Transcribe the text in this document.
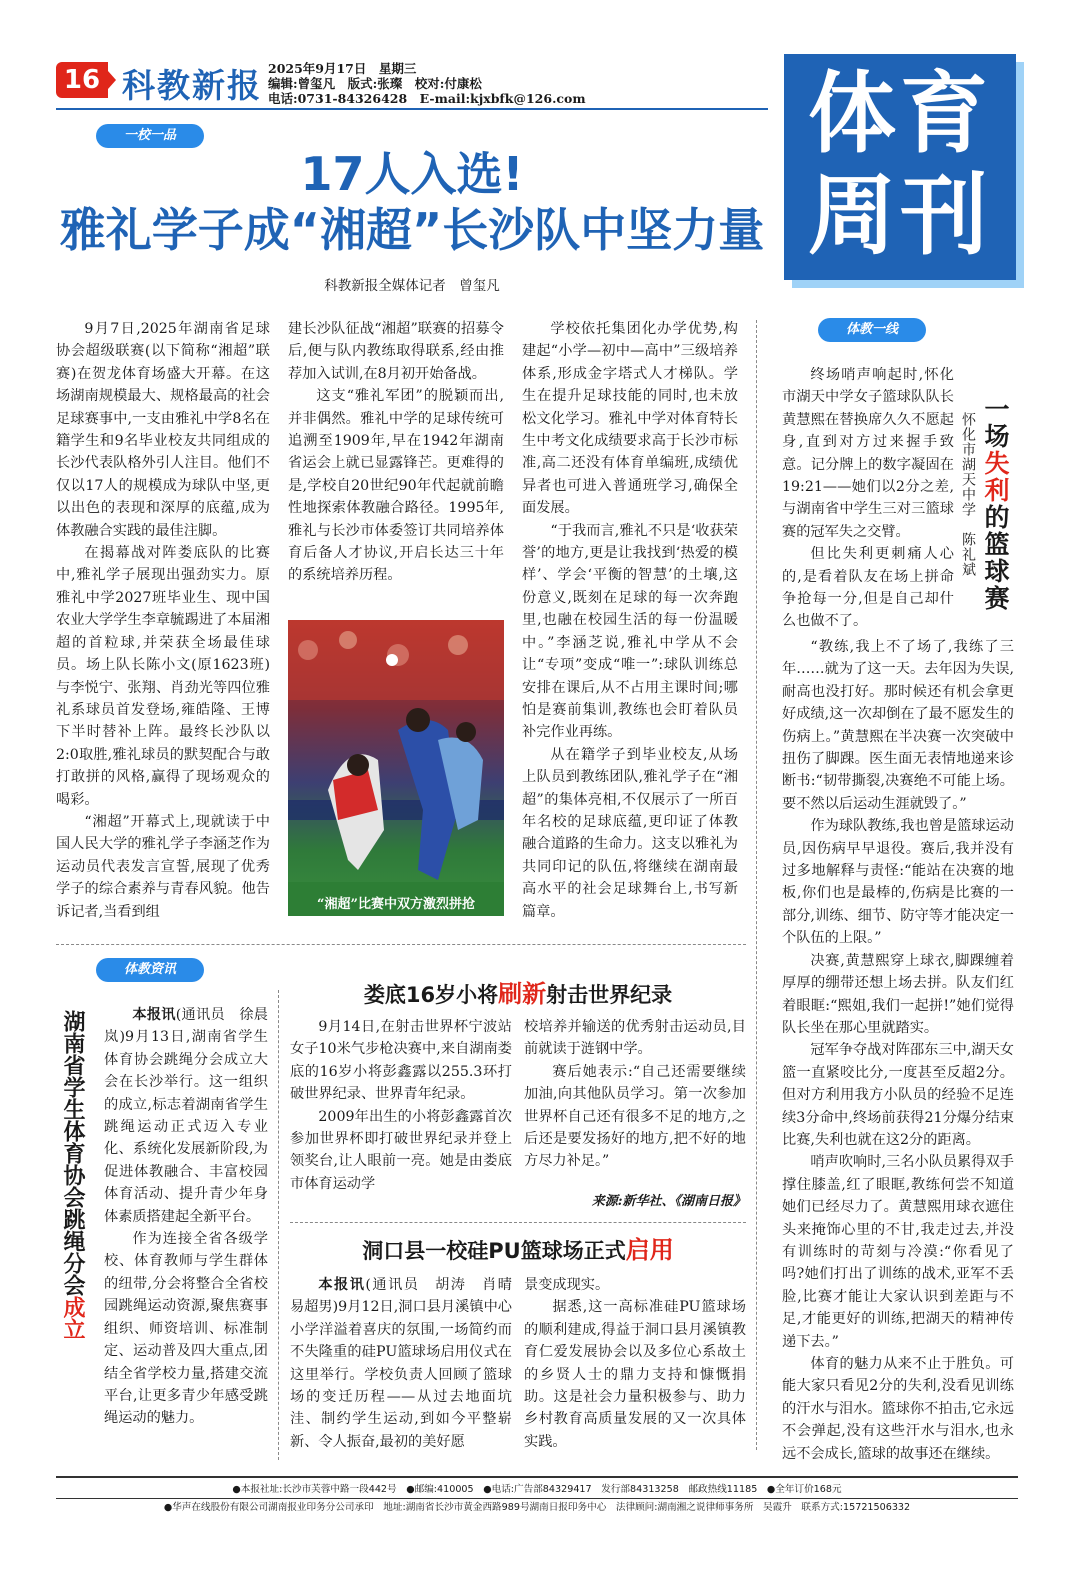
16 科教新报 2025年9月17日　星期三
编辑:曾玺凡　版式:张璨　校对:付康松
电话:0731-84326428　E-mail:kjxbfk@126.com	体育
周刊
一校一品
17人入选!
雅礼学子成“湘超”长沙队中坚力量
科教新报全媒体记者　曾玺凡

9月7日,2025年湖南省足球协会超级联赛(以下简称“湘超”联赛)在贺龙体育场盛大开幕。在这场湖南规模最大、规格最高的社会足球赛事中,一支由雅礼中学8名在籍学生和9名毕业校友共同组成的长沙代表队格外引人注目。他们不仅以17人的规模成为球队中坚,更以出色的表现和深厚的底蕴,成为体教融合实践的最佳注脚。

在揭幕战对阵娄底队的比赛中,雅礼学子展现出强劲实力。原雅礼中学2027班毕业生、现中国农业大学学生李章毓踢进了本届湘超的首粒球,并荣获全场最佳球员。场上队长陈小文(原1623班)与李悦宁、张翔、肖劲光等四位雅礼系球员首发登场,雍皓隆、王博下半时替补上阵。最终长沙队以2:0取胜,雅礼球员的默契配合与敢打敢拼的风格,赢得了现场观众的喝彩。

“湘超”开幕式上,现就读于中国人民大学的雅礼学子李涵芝作为运动员代表发言宣誓,展现了优秀学子的综合素养与青春风貌。他告诉记者,当看到组

建长沙队征战“湘超”联赛的招募令后,便与队内教练取得联系,经由推荐加入试训,在8月初开始备战。

这支“雅礼军团”的脱颖而出,并非偶然。雅礼中学的足球传统可追溯至1909年,早在1942年湖南省运会上就已显露锋芒。更难得的是,学校自20世纪90年代起就前瞻性地探索体教融合路径。1995年,雅礼与长沙市体委签订共同培养体育后备人才协议,开启长达三十年的系统培养历程。

“湘超”比赛中双方激烈拼抢

学校依托集团化办学优势,构建起“小学—初中—高中”三级培养体系,形成金字塔式人才梯队。学生在提升足球技能的同时,也未放松文化学习。雅礼中学对体育特长生中考文化成绩要求高于长沙市标准,高二还没有体育单编班,成绩优异者也可进入普通班学习,确保全面发展。

“于我而言,雅礼不只是‘收获荣誉’的地方,更是让我找到‘热爱的模样’、学会‘平衡的智慧’的土壤,这份意义,既刻在足球的每一次奔跑里,也融在校园生活的每一份温暖中。”李涵芝说,雅礼中学从不会让“专项”变成“唯一”:球队训练总安排在课后,从不占用主课时间;哪怕是赛前集训,教练也会盯着队员补完作业再练。

从在籍学子到毕业校友,从场上队员到教练团队,雅礼学子在“湘超”的集体亮相,不仅展示了一所百年名校的足球底蕴,更印证了体教融合道路的生命力。这支以雅礼为共同印记的队伍,将继续在湖南最高水平的社会足球舞台上,书写新篇章。

体教一线

终场哨声响起时,怀化市湖天中学女子篮球队队长黄慧熙在替换席久久不愿起身,直到对方过来握手致意。记分牌上的数字凝固在19:21——她们以2分之差,与湖南省中学生三对三篮球赛的冠军失之交臂。

但比失利更刺痛人心的,是看着队友在场上拼命争抢每一分,但是自己却什么也做不了。

一场失利的篮球赛
怀化市湖天中学　陈礼斌

“教练,我上不了场了,我练了三年……就为了这一天。去年因为失误,耐高也没打好。那时候还有机会拿更好成绩,这一次却倒在了最不愿发生的伤病上。”黄慧熙在半决赛一次突破中扭伤了脚踝。医生面无表情地递来诊断书:“韧带撕裂,决赛绝不可能上场。要不然以后运动生涯就毁了。”

作为球队教练,我也曾是篮球运动员,因伤病早早退役。赛后,我并没有过多地解释与责怪:“能站在决赛的地板,你们也是最棒的,伤病是比赛的一部分,训练、细节、防守等才能决定一个队伍的上限。”

决赛,黄慧熙穿上球衣,脚踝缠着厚厚的绷带还想上场去拼。队友们红着眼眶:“熙姐,我们一起拼!”她们觉得队长坐在那心里就踏实。

冠军争夺战对阵邵东三中,湖天女篮一直紧咬比分,一度甚至反超2分。但对方利用我方小队员的经验不足连续3分命中,终场前获得21分爆分结束比赛,失利也就在这2分的距离。

哨声吹响时,三名小队员累得双手撑住膝盖,红了眼眶,教练何尝不知道她们已经尽力了。黄慧熙用球衣遮住头来掩饰心里的不甘,我走过去,并没有训练时的苛刻与冷漠:“你看见了吗?她们打出了训练的战术,亚军不丢脸,比赛才能让大家认识到差距与不足,才能更好的训练,把湖天的精神传递下去。”

体育的魅力从来不止于胜负。可能大家只看见2分的失利,没看见训练的汗水与泪水。篮球你不拍击,它永远不会弹起,没有这些汗水与泪水,也永远不会成长,篮球的故事还在继续。

体教资讯
湖南省学生体育协会跳绳分会成立

本报讯(通讯员　徐晨岚)9月13日,湖南省学生体育协会跳绳分会成立大会在长沙举行。这一组织的成立,标志着湖南省学生跳绳运动正式迈入专业化、系统化发展新阶段,为促进体教融合、丰富校园体育活动、提升青少年身体素质搭建起全新平台。

作为连接全省各级学校、体育教师与学生群体的纽带,分会将整合全省校园跳绳运动资源,聚焦赛事组织、师资培训、标准制定、运动普及四大重点,团结全省学校力量,搭建交流平台,让更多青少年感受跳绳运动的魅力。

娄底16岁小将刷新射击世界纪录

9月14日,在射击世界杯宁波站女子10米气步枪决赛中,来自湖南娄底的16岁小将彭鑫露以255.3环打破世界纪录、世界青年纪录。

2009年出生的小将彭鑫露首次参加世界杯即打破世界纪录并登上领奖台,让人眼前一亮。她是由娄底市体育运动学

校培养并输送的优秀射击运动员,目前就读于涟钢中学。

赛后她表示:“自己还需要继续加油,向其他队员学习。第一次参加世界杯自己还有很多不足的地方,之后还是要发扬好的地方,把不好的地方尽力补足。”

来源:新华社、《湖南日报》
洞口县一校硅PU篮球场正式启用

本报讯(通讯员　胡涛　肖晴　易超男)9月12日,洞口县月溪镇中心小学洋溢着喜庆的氛围,一场简约而不失隆重的硅PU篮球场启用仪式在这里举行。学校负责人回顾了篮球场的变迁历程——从过去地面坑洼、制约学生运动,到如今平整崭新、令人振奋,最初的美好愿

景变成现实。

据悉,这一高标准硅PU篮球场的顺利建成,得益于洞口县月溪镇教育仁爱发展协会以及多位心系故土的乡贤人士的鼎力支持和慷慨捐助。这是社会力量积极参与、助力乡村教育高质量发展的又一次具体实践。

●本报社址:长沙市芙蓉中路一段442号　●邮编:410005　●电话:广告部84329417　发行部84313258　邮政热线11185　●全年订价168元
●华声在线股份有限公司湖南报业印务分公司承印　地址:湖南省长沙市黄金西路989号湖南日报印务中心　法律顾问:湖南湘之说律师事务所　吴霞升　联系方式:15721506332
